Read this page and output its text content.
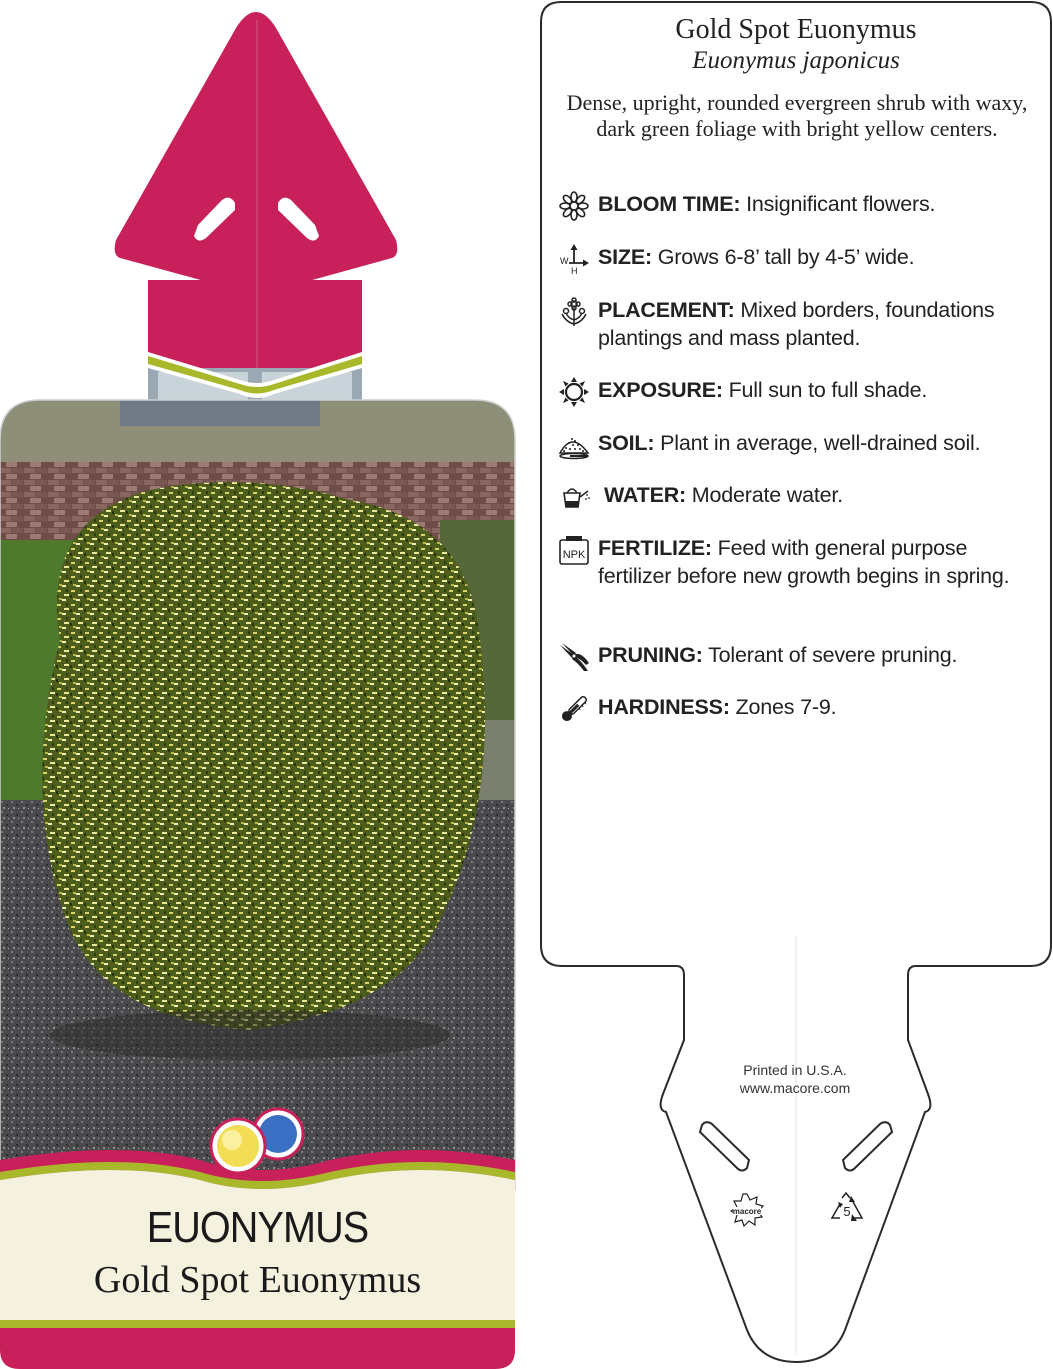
EUONYMUS
Gold Spot Euonymus
Gold Spot Euonymus
Euonymus japonicus
Dense, upright, rounded evergreen shrub with waxy, dark green foliage with bright yellow centers.
BLOOM TIME: Insignificant flowers.
W
H
SIZE: Grows 6-8’ tall by 4-5’ wide.
PLACEMENT: Mixed borders, foundations plantings and mass planted.
EXPOSURE: Full sun to full shade.
SOIL: Plant in average, well-drained soil.
WATER: Moderate water.
NPK FERTILIZE: Feed with general purpose fertilizer before new growth begins in spring.
PRUNING: Tolerant of severe pruning.
HARDINESS: Zones 7-9.
Printed in U.S.A.
www.macore.com
macore	5
